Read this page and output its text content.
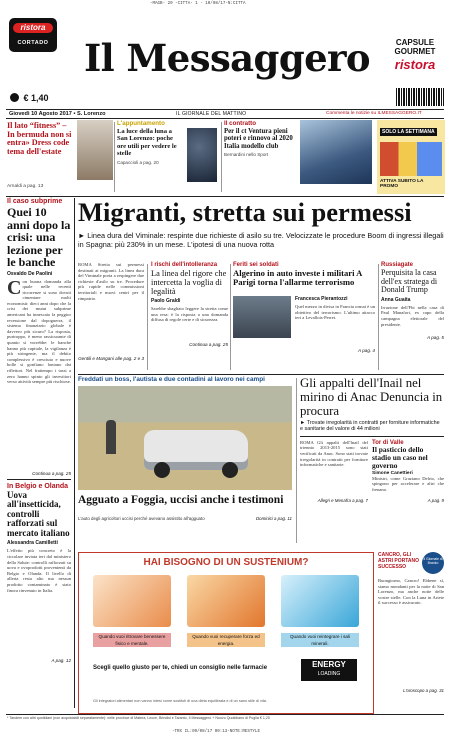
-MAGB- 20 -CITTA- 1 - 10/08/17-N:CITTA
ristora
CORTADO Il Messaggero	CAPSULE
GOURMET
ristora
€ 1,40
Giovedì 10 Agosto 2017 • S. Lorenzo	IL GIORNALE DEL MATTINO	Commenta le notizie su ILMESSAGGERO.IT
Il lato “fitness” – In bermuda non si entra» Dress code tema dell'estate
Arnaldi a pag. 13
L'appuntamento
La luce della luna a San Lorenzo: poche ore utili per vedere le stelle
Capaccioli a pag. 20
Il contratto
Per il ct Ventura pieni poteri e rinnovo al 2020 Italia modello club
Bernardini nello Sport
SOLO LA SETTIMANA
ATTIVA SUBITO LA PROMO
Il caso subprime
Quei 10 anni dopo la crisi: una lezione per le banche
Osvaldo De Paolini
Con buona domanda alla quale nelle recenti ricorrenze si sono dovuti cimentare molti economisti: dieci anni dopo che la crisi dei mutui subprime americani ha innescato la peggior recessione dal dopoguerra, il sistema finanziario globale è davvero più sicuro? La risposta, purtroppo, è meno rassicurante di quanto si vorrebbe: le banche hanno più capitale, la vigilanza è più stringente, ma il debito complessivo è cresciuto e nuove bolle si gonfiano lontano dai riflettori. Nel frattempo i tassi a zero hanno spinto gli investitori verso attività sempre più rischiose.
Continua a pag. 25
In Belgio e Olanda
Uova all'insetticida, controlli rafforzati sul mercato italiano
Alessandra Camilletti
L'effetto più concreto è la circolare inviata ieri dal ministero della Salute: controlli rafforzati su uova e ovoprodotti provenienti da Belgio e Olanda. Il livello di allerta resta alto ma nessun prodotto contaminato è stato finora rinvenuto in Italia.
A pag. 12
Migranti, stretta sui permessi
► Linea dura del Viminale: respinte due richieste di asilo su tre. Velocizzate le procedure Boom di ingressi illegali in Spagna: più 230% in un mese. L'ipotesi di una nuova rotta
ROMA Stretta sui permessi destinati ai migranti. La linea dura del Viminale porta a respingere due richieste d'asilo su tre. Procedure più rapide nelle commissioni territoriali e nuovi centri per il rimpatrio.
Gentili e Mangani alle pag. 2 e 3
I rischi dell'intolleranza
La linea del rigore che intercetta la voglia di legalità
Paolo Graldi
Sarebbe sbagliato leggere la stretta come una resa: è la risposta a una domanda diffusa di regole certe e di sicurezza.
Continua a pag. 25
Feriti sei soldati
Algerino in auto investe i militari A Parigi torna l'allarme terrorismo
Francesca Pierantozzi
Quel mezzo in divisa in Francia ormai è un obiettivo del terrorismo. L'ultimo attacco ieri a Levallois-Perret.
A pag. 4
Russiagate
Perquisita la casa dell'ex stratega di Donald Trump
Anna Guaita
Irruzione dell'Fbi nella casa di Paul Manafort, ex capo della campagna elettorale del presidente.
A pag. 5
Freddati un boss, l'autista e due contadini al lavoro nei campi
Agguato a Foggia, uccisi anche i testimoni
L'auto degli agricoltori uccisi perché avevano assistito all'agguato	Dominici a pag. 11
Gli appalti dell'Inail nel mirino di Anac Denuncia in procura
► Trovate irregolarità in contratti per forniture informatiche e sanitarie del valore di 44 milioni
ROMA Gli appalti dell'Inail del triennio 2013-2015 sono stati verificati da Anac. Sono stati trovate irregolarità in contratti per forniture informatiche e sanitarie.
Tor di Valle
Il pasticcio dello stadio un caso nel governo
Simone Canettieri
Ministri, come Graziano Delrio, che spingono per accelerare e altri che frenano.
A pag. 9
Allegri e Menafra a pag. 7
HAI BISOGNO DI UN SUSTENIUM?
Quando vuoi ritrovare benessere fisico e mentale.
Quando vuoi recuperare forza ed energia.
Quando vuoi reintegrare i sali minerali.
Scegli quello giusto per te, chiedi un consiglio nelle farmacie	ENERGY
LOADING
Gli integratori alimentari non vanno intesi come sostituti di una dieta equilibrata e di un sano stile di vita.
CANCRO, GLI ASTRI PORTANO SUCCESSO
Il Giornale di Branko
Buongiorno, Cancro! Ebbene sì, siamo mondanti per la notte di San Lorenzo, ma anche notte delle vostre stelle. Con la Luna in Ariete il successo è assicurato.
L'oroscopo a pag. 31
* Tandem con altri quotidiani (non acquistabili separatamente): nelle province di Matera, Lecce, Brindisi e Taranto, Il Messaggero + Nuovo Quotidiano di Puglia € 1,20
-TRX IL:09/08/17 00:13-NOTE:RESTYLE
